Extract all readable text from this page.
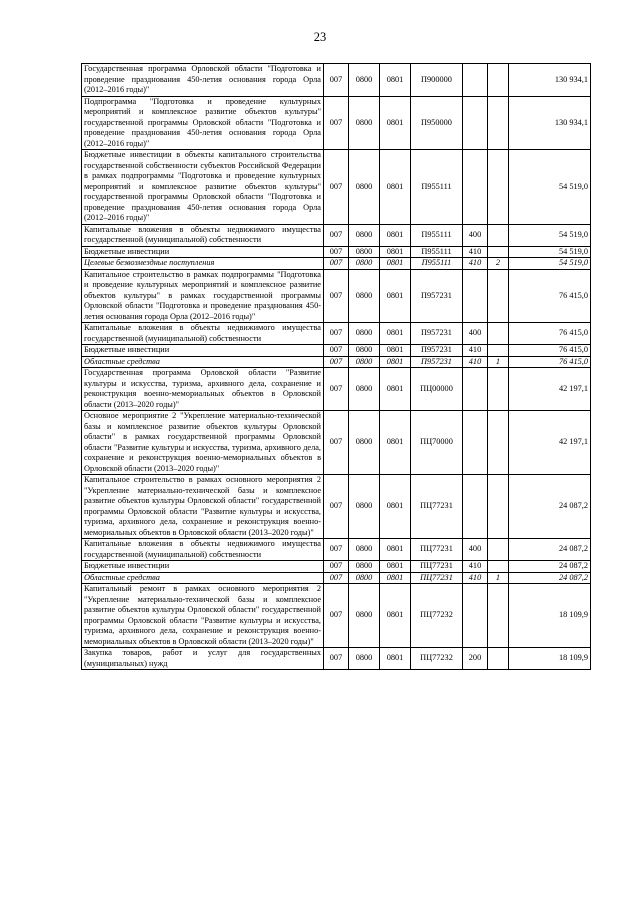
23
Государственная программа Орловской области "Подготовка и проведение празднования 450-летия основания города Орла (2012–2016 годы)"	007	0800	0801	П900000			130 934,1
Подпрограмма "Подготовка и проведение культурных мероприятий и комплексное развитие объектов культуры" государственной программы Орловской области "Подготовка и проведение празднования 450-летия основания города Орла (2012–2016 годы)"	007	0800	0801	П950000			130 934,1
Бюджетные инвестиции в объекты капитального строительства государственной собственности субъектов Российской Федерации в рамках подпрограммы "Подготовка и проведение культурных мероприятий и комплексное развитие объектов культуры" государственной программы Орловской области "Подготовка и проведение празднования 450-летия основания города Орла (2012–2016 годы)"	007	0800	0801	П955111			54 519,0
Капитальные вложения в объекты недвижимого имущества государственной (муниципальной) собственности	007	0800	0801	П955111	400		54 519,0
Бюджетные инвестиции	007	0800	0801	П955111	410		54 519,0
Целевые безвозмездные поступления	007	0800	0801	П955111	410	2	54 519,0
Капитальное строительство в рамках подпрограммы "Подготовка и проведение культурных мероприятий и комплексное развитие объектов культуры" в рамках государственной программы Орловской области "Подготовка и проведение празднования 450-летия основания города Орла (2012–2016 годы)"	007	0800	0801	П957231			76 415,0
Капитальные вложения в объекты недвижимого имущества государственной (муниципальной) собственности	007	0800	0801	П957231	400		76 415,0
Бюджетные инвестиции	007	0800	0801	П957231	410		76 415,0
Областные средства	007	0800	0801	П957231	410	1	76 415,0
Государственная программа Орловской области "Развитие культуры и искусства, туризма, архивного дела, сохранение и реконструкция военно-мемориальных объектов в Орловской области (2013–2020 годы)"	007	0800	0801	ПЦ00000			42 197,1
Основное мероприятие 2 "Укрепление материально-технической базы и комплексное развитие объектов культуры Орловской области" в рамках государственной программы Орловской области "Развитие культуры и искусства, туризма, архивного дела, сохранение и реконструкция военно-мемориальных объектов в Орловской области (2013–2020 годы)"	007	0800	0801	ПЦ70000			42 197,1
Капитальное строительство в рамках основного мероприятия 2 "Укрепление материально-технической базы и комплексное развитие объектов культуры Орловской области" государственной программы Орловской области "Развитие культуры и искусства, туризма, архивного дела, сохранение и реконструкция военно-мемориальных объектов в Орловской области (2013–2020 годы)"	007	0800	0801	ПЦ77231			24 087,2
Капитальные вложения в объекты недвижимого имущества государственной (муниципальной) собственности	007	0800	0801	ПЦ77231	400		24 087,2
Бюджетные инвестиции	007	0800	0801	ПЦ77231	410		24 087,2
Областные средства	007	0800	0801	ПЦ77231	410	1	24 087,2
Капитальный ремонт в рамках основного мероприятия 2 "Укрепление материально-технической базы и комплексное развитие объектов культуры Орловской области" государственной программы Орловской области "Развитие культуры и искусства, туризма, архивного дела, сохранение и реконструкция военно-мемориальных объектов в Орловской области (2013–2020 годы)"	007	0800	0801	ПЦ77232			18 109,9
Закупка товаров, работ и услуг для государственных (муниципальных) нужд	007	0800	0801	ПЦ77232	200		18 109,9
